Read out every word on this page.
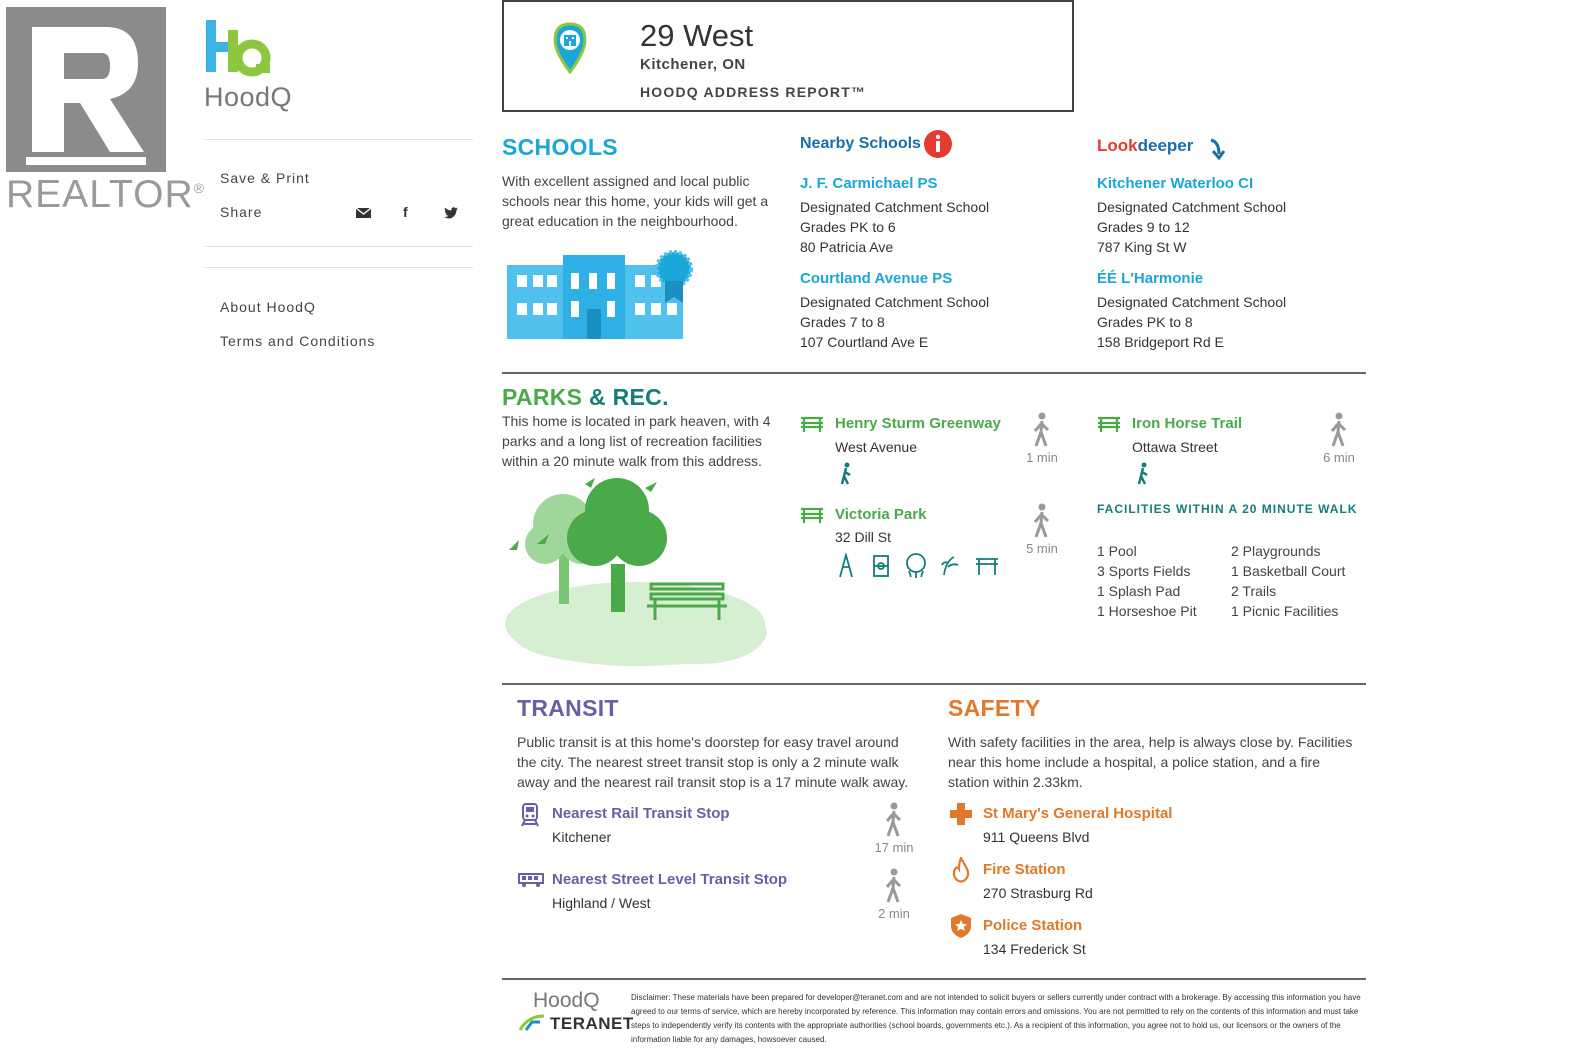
REALTOR®
HoodQ
Save & Print
Share	f
About HoodQ
Terms and Conditions
29 West
Kitchener, ON
HOODQ ADDRESS REPORT™
SCHOOLS
With excellent assigned and local public schools near this home, your kids will get a great education in the neighbourhood.
Nearby Schools
J. F. Carmichael PS
Designated Catchment School
Grades PK to 6
80 Patricia Ave
Courtland Avenue PS
Designated Catchment School
Grades 7 to 8
107 Courtland Ave E
Lookdeeper
Kitchener Waterloo CI
Designated Catchment School
Grades 9 to 12
787 King St W
ÉÉ L'Harmonie
Designated Catchment School
Grades PK to 8
158 Bridgeport Rd E
PARKS & REC.
This home is located in park heaven, with 4 parks and a long list of recreation facilities within a 20 minute walk from this address.
Henry Sturm Greenway
West Avenue
1 min
Iron Horse Trail
Ottawa Street
6 min
Victoria Park
32 Dill St
5 min
FACILITIES WITHIN A 20 MINUTE WALK
1 Pool	2 Playgrounds
3 Sports Fields	1 Basketball Court
1 Splash Pad	2 Trails
1 Horseshoe Pit 1 Picnic Facilities
TRANSIT
Public transit is at this home's doorstep for easy travel around the city. The nearest street transit stop is only a 2 minute walk away and the nearest rail transit stop is a 17 minute walk away.
Nearest Rail Transit Stop
Kitchener
17 min
Nearest Street Level Transit Stop
Highland / West
2 min
SAFETY
With safety facilities in the area, help is always close by. Facilities near this home include a hospital, a police station, and a fire station within 2.33km.
St Mary's General Hospital
911 Queens Blvd
Fire Station
270 Strasburg Rd
Police Station
134 Frederick St
HoodQ
TERANET
Disclaimer: These materials have been prepared for developer@teranet.com and are not intended to solicit buyers or sellers currently under contract with a brokerage. By accessing this information you have agreed to our terms of service, which are hereby incorporated by reference. This information may contain errors and omissions. You are not permitted to rely on the contents of this information and must take steps to independently verify its contents with the appropriate authorities (school boards, governments etc.). As a recipient of this information, you agree not to hold us, our licensors or the owners of the information liable for any damages, howsoever caused.
